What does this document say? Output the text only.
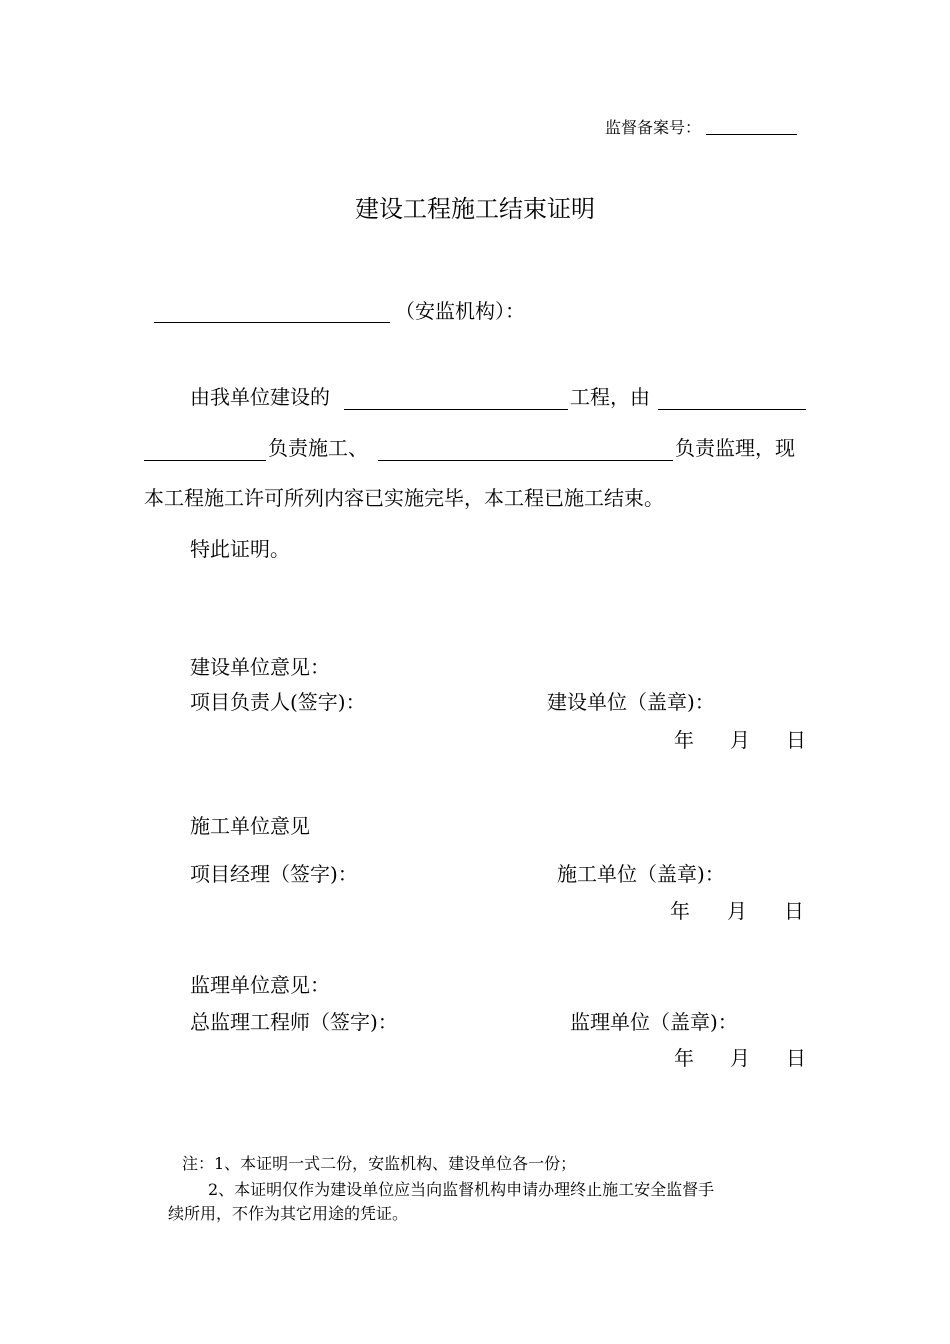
监督备案号：
建设工程施工结束证明
（安监机构）：
由我单位建设的	工程，由
负责施工、	负责监理，现
本工程施工许可所列内容已实施完毕，本工程已施工结束。
特此证明。
建设单位意见：
项目负责人(签字)：	建设单位（盖章)：
年 月 日
施工单位意见
项目经理（签字)：	施工单位（盖章)：
年 月 日
监理单位意见：
总监理工程师（签字)：	监理单位（盖章)：
年 月 日
注：1、本证明一式二份，安监机构、建设单位各一份；
2、本证明仅作为建设单位应当向监督机构申请办理终止施工安全监督手
续所用，不作为其它用途的凭证。
